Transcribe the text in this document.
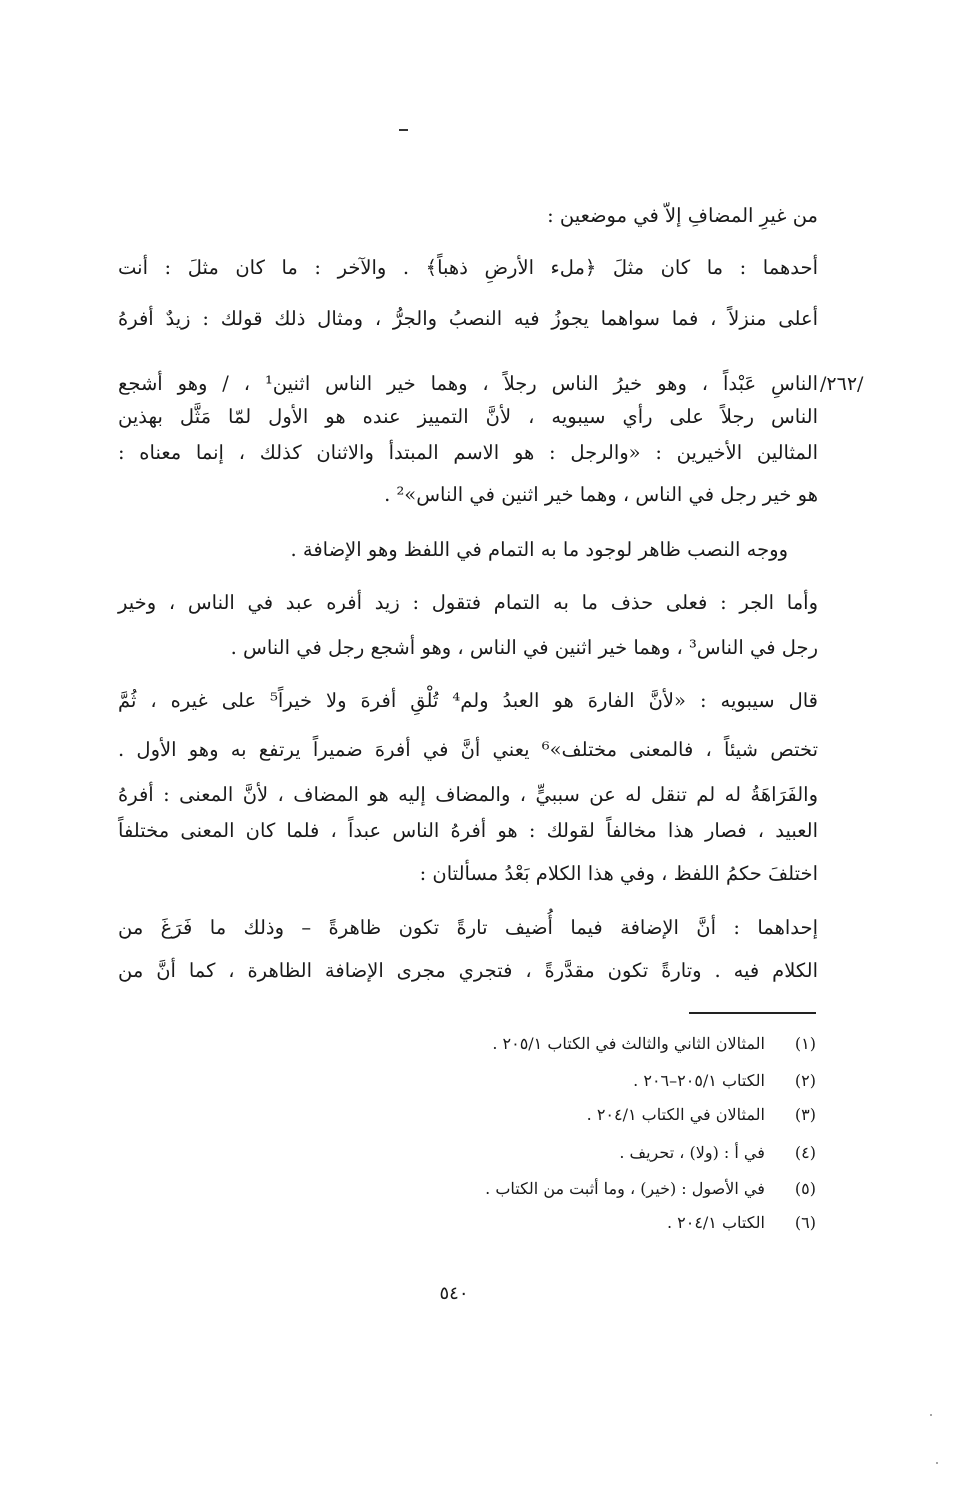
/٢٦٢/
من غيرِ المضافِ إلاّ في موضعين :
أحدهما : ما كان مثلَ ﴿ملء الأرضِ ذهباً﴾ . والآخر : ما كان مثلَ : أنت
أعلى منزلاً ، فما سواهما يجوزُ فيه النصبُ والجرُّ ، ومثال ذلك قولك : زيدٌ أفرهُ
الناسِ عَبْداً ، وهو خيرُ الناس رجلاً ، وهما خير الناس اثنين¹ ، / وهو أشجع
الناس رجلاً على رأي سيبويه ، لأنَّ التمييز عنده هو الأول لمّا مَثَّل بهذين
المثالين الأخيرين : «والرجل : هو الاسم المبتدأ والاثنان كذلك ، إنما معناه :
هو خير رجل في الناس ، وهما خير اثنين في الناس»² .
ووجه النصب ظاهر لوجود ما به التمام في اللفظ وهو الإضافة .
وأما الجر : فعلى حذف ما به التمام فتقول : زيد أفره عبد في الناس ، وخير
رجل في الناس³ ، وهما خير اثنين في الناس ، وهو أشجع رجل في الناس .
قال سيبويه : «لأنَّ الفارهَ هو العبدُ ولم⁴ تُلْقِ أفرهَ ولا خيراً⁵ على غيره ، ثُمَّ
تختص شيئاً ، فالمعنى مختلف»⁶ يعني أنَّ في أفرهَ ضميراً يرتفع به وهو الأول .
والفَرَاهَةُ له لم تنقل له عن سببيٍّ ، والمضاف إليه هو المضاف ، لأنَّ المعنى : أفرهُ
العبيد ، فصار هذا مخالفاً لقولك : هو أفرهُ الناس عبداً ، فلما كان المعنى مختلفاً
اختلفَ حكمُ اللفظ ، وفي هذا الكلام بَعْدُ مسألتان :
إحداهما : أنَّ الإضافة فيما أُضيف تارةً تكون ظاهرةً – وذلك ما فَرَغَ من
الكلام فيه . وتارةً تكون مقدَّرةً ، فتجري مجرى الإضافة الظاهرة ، كما أنَّ من
(١) المثالان الثاني والثالث في الكتاب ٢٠٥/١ .
(٢) الكتاب ٢٠٥/١–٢٠٦ .
(٣) المثالان في الكتاب ٢٠٤/١ .
(٤) في أ : (ولا) ، تحريف .
(٥) في الأصول : (خير) ، وما أثبت من الكتاب .
(٦) الكتاب ٢٠٤/١ .
٥٤٠
